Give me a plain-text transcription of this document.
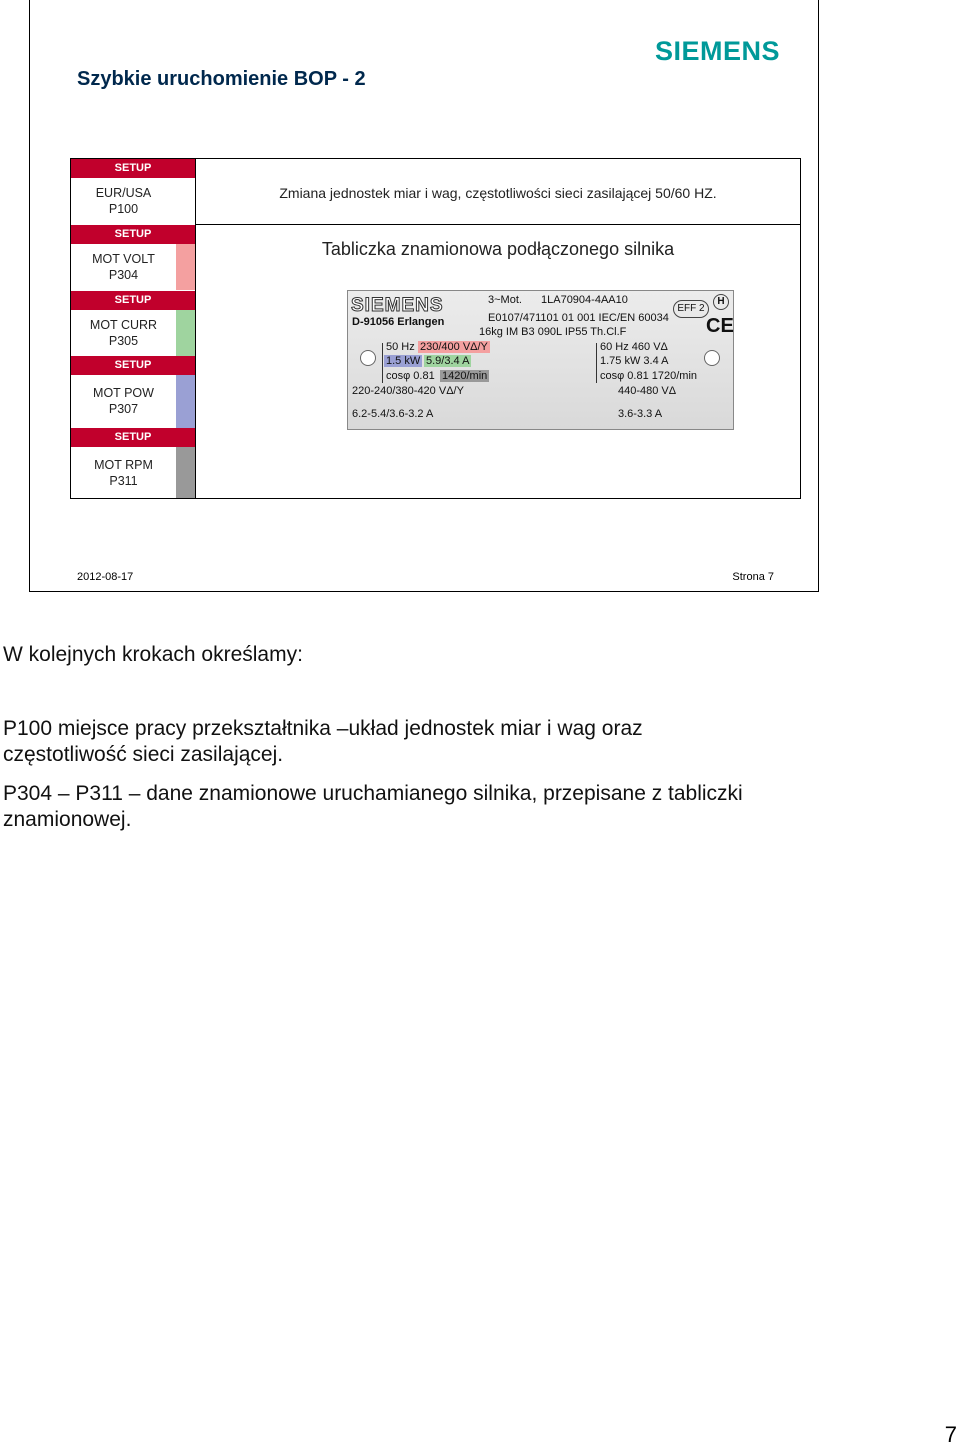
Szybkie uruchomienie BOP - 2
SIEMENS
SETUP
EUR/USA
P100
SETUP
MOT VOLT
P304
SETUP
MOT CURR
P305
SETUP
MOT POW
P307
SETUP
MOT RPM
P311
Zmiana jednostek miar i wag, częstotliwości sieci zasilającej 50/60 HZ.
Tabliczka znamionowa podłączonego silnika
SIEMENS
D-91056 Erlangen
3~Mot. 1LA70904-4AA10
E0107/471101 01 001 IEC/EN 60034
16kg IM B3 090L IP55 Th.Cl.F
EFF 2
H
CE
50 Hz 230/400 VΔ/Y
1.5 kW 5.9/3.4 A
cosφ 0.81 1420/min
220-240/380-420 VΔ/Y
6.2-5.4/3.6-3.2 A
60 Hz 460 VΔ
1.75 kW 3.4 A
cosφ 0.81 1720/min
440-480 VΔ
3.6-3.3 A
2012-08-17	Strona 7
W kolejnych krokach określamy:
P100 miejsce pracy przekształtnika –układ jednostek miar i wag oraz
częstotliwość sieci zasilającej.
P304 – P311 – dane znamionowe uruchamianego silnika, przepisane z tabliczki
znamionowej.
7
